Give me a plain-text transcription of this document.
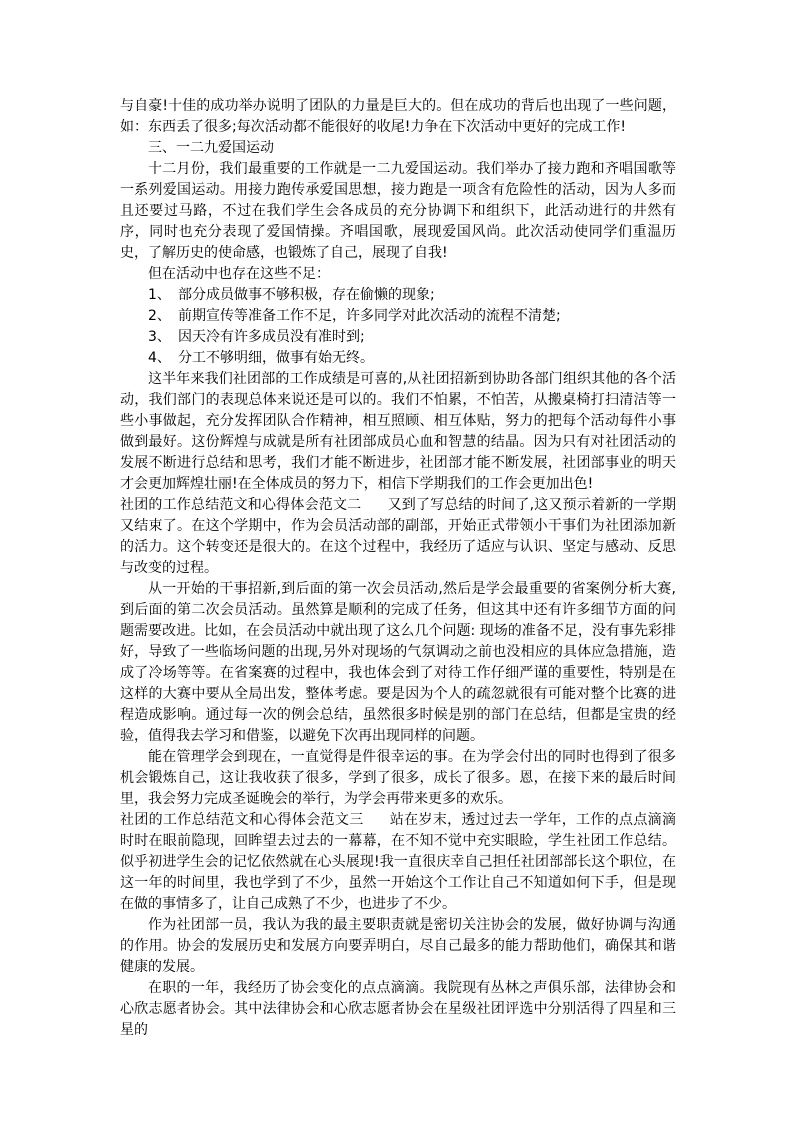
与自豪!十佳的成功举办说明了团队的力量是巨大的。但在成功的背后也出现了一些问题，如：东西丢了很多;每次活动都不能很好的收尾!力争在下次活动中更好的完成工作!

三、一二九爱国运动

十二月份，我们最重要的工作就是一二九爱国运动。我们举办了接力跑和齐唱国歌等一系列爱国运动。用接力跑传承爱国思想，接力跑是一项含有危险性的活动，因为人多而且还要过马路，不过在我们学生会各成员的充分协调下和组织下，此活动进行的井然有序，同时也充分表现了爱国情操。齐唱国歌，展现爱国风尚。此次活动使同学们重温历史，了解历史的使命感，也锻炼了自己，展现了自我!

但在活动中也存在这些不足：

1、 部分成员做事不够积极，存在偷懒的现象;

2、 前期宣传等准备工作不足，许多同学对此次活动的流程不清楚;

3、 因天冷有许多成员没有准时到;

4、 分工不够明细，做事有始无终。

这半年来我们社团部的工作成绩是可喜的,从社团招新到协助各部门组织其他的各个活动，我们部门的表现总体来说还是可以的。我们不怕累，不怕苦，从搬桌椅打扫清洁等一些小事做起，充分发挥团队合作精神，相互照顾、相互体贴，努力的把每个活动每件小事做到最好。这份辉煌与成就是所有社团部成员心血和智慧的结晶。因为只有对社团活动的发展不断进行总结和思考，我们才能不断进步，社团部才能不断发展，社团部事业的明天才会更加辉煌壮丽!在全体成员的努力下，相信下学期我们的工作会更加出色!

社团的工作总结范文和心得体会范文二 又到了写总结的时间了,这又预示着新的一学期又结束了。在这个学期中，作为会员活动部的副部，开始正式带领小干事们为社团添加新的活力。这个转变还是很大的。在这个过程中，我经历了适应与认识、坚定与感动、反思与改变的过程。

从一开始的干事招新,到后面的第一次会员活动,然后是学会最重要的省案例分析大赛,到后面的第二次会员活动。虽然算是顺利的完成了任务，但这其中还有许多细节方面的问题需要改进。比如，在会员活动中就出现了这么几个问题: 现场的准备不足，没有事先彩排好，导致了一些临场问题的出现,另外对现场的气氛调动之前也没相应的具体应急措施，造成了冷场等等。在省案赛的过程中，我也体会到了对待工作仔细严谨的重要性，特别是在这样的大赛中要从全局出发，整体考虑。要是因为个人的疏忽就很有可能对整个比赛的进程造成影响。通过每一次的例会总结，虽然很多时候是别的部门在总结，但都是宝贵的经验，值得我去学习和借鉴，以避免下次再出现同样的问题。

能在管理学会到现在，一直觉得是件很幸运的事。在为学会付出的同时也得到了很多机会锻炼自己，这让我收获了很多，学到了很多，成长了很多。恩，在接下来的最后时间里，我会努力完成圣诞晚会的举行，为学会再带来更多的欢乐。

社团的工作总结范文和心得体会范文三 站在岁末，透过过去一学年，工作的点点滴滴时时在眼前隐现，回眸望去过去的一幕幕，在不知不觉中充实眼睑，学生社团工作总结。似乎初进学生会的记忆依然就在心头展现!我一直很庆幸自己担任社团部部长这个职位，在这一年的时间里，我也学到了不少，虽然一开始这个工作让自己不知道如何下手，但是现在做的事情多了，让自己成熟了不少，也进步了不少。

作为社团部一员，我认为我的最主要职责就是密切关注协会的发展，做好协调与沟通的作用。协会的发展历史和发展方向要弄明白，尽自己最多的能力帮助他们，确保其和谐健康的发展。

在职的一年，我经历了协会变化的点点滴滴。我院现有丛林之声俱乐部，法律协会和心欣志愿者协会。其中法律协会和心欣志愿者协会在星级社团评选中分别活得了四星和三星的
